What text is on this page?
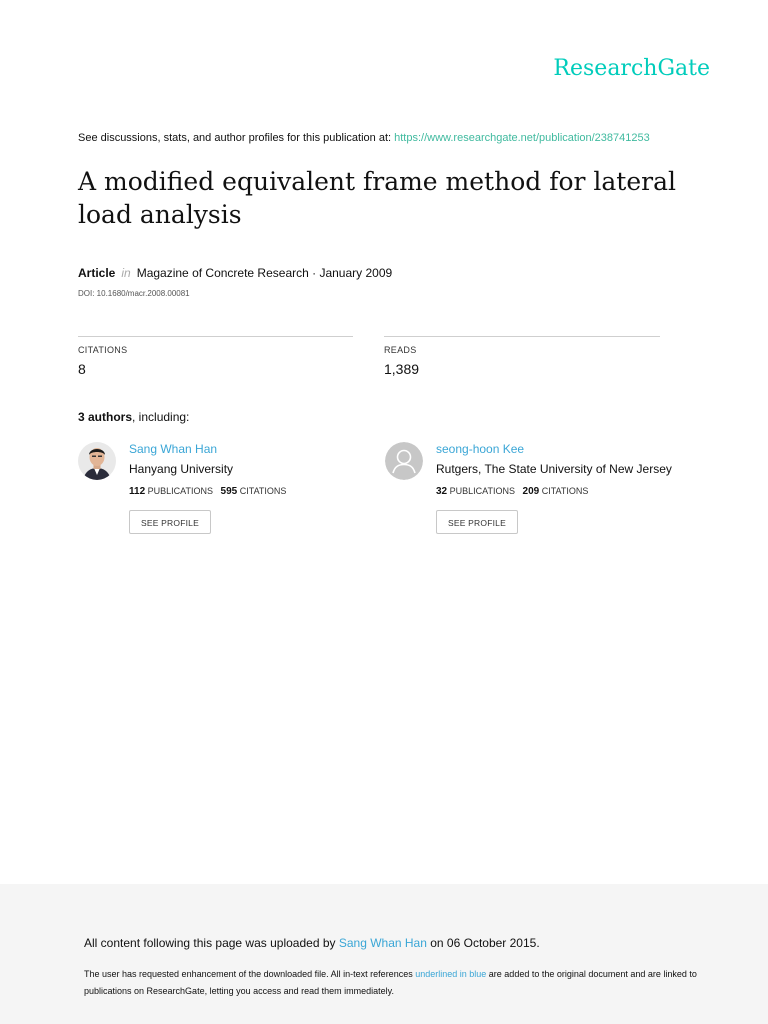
ResearchGate
See discussions, stats, and author profiles for this publication at: https://www.researchgate.net/publication/238741253
A modified equivalent frame method for lateral load analysis
Article in Magazine of Concrete Research · January 2009
DOI: 10.1680/macr.2008.00081
CITATIONS
8
READS
1,389
3 authors, including:
Sang Whan Han
Hanyang University
112 PUBLICATIONS 595 CITATIONS
SEE PROFILE
seong-hoon Kee
Rutgers, The State University of New Jersey
32 PUBLICATIONS 209 CITATIONS
SEE PROFILE
All content following this page was uploaded by Sang Whan Han on 06 October 2015.
The user has requested enhancement of the downloaded file. All in-text references underlined in blue are added to the original document and are linked to publications on ResearchGate, letting you access and read them immediately.
